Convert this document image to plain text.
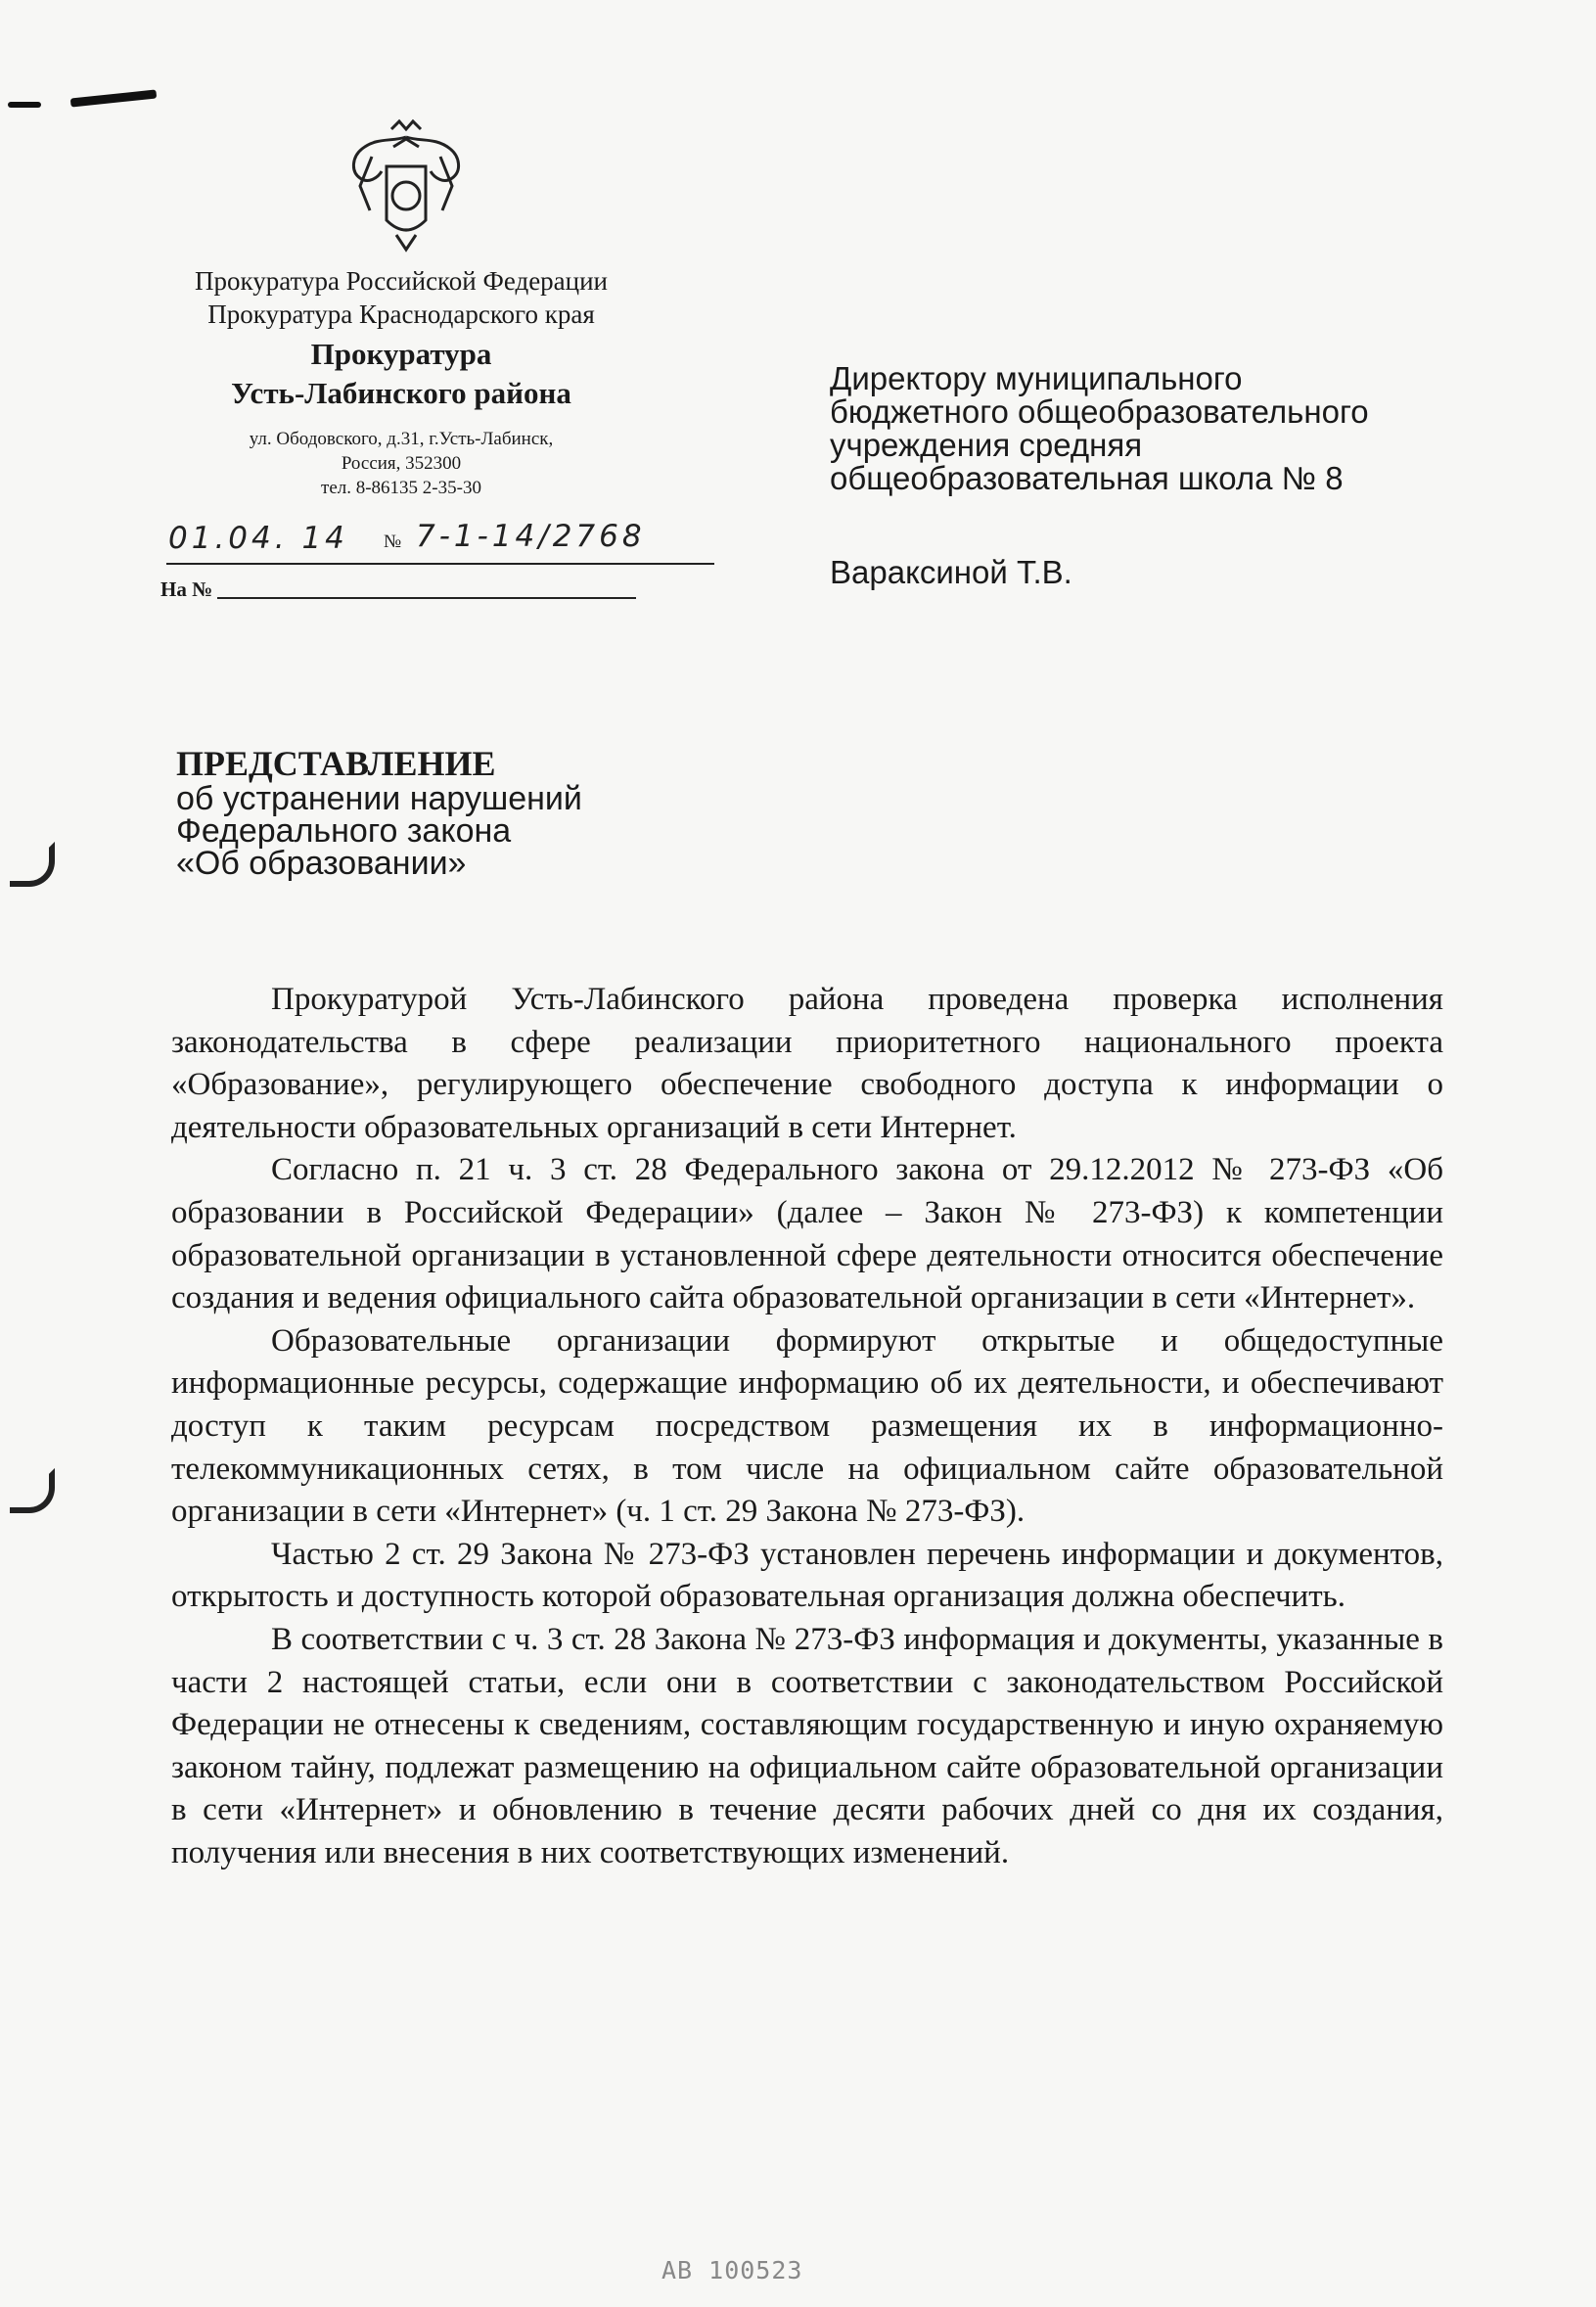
Прокуратура Российской Федерации
Прокуратура Краснодарского края
Прокуратура
Усть-Лабинского района
ул. Ободовского, д.31, г.Усть-Лабинск,
Россия, 352300
тел. 8-86135 2-35-30
01.04. 14 № 7-1-14/2768
На №
Директору муниципального
бюджетного общеобразовательного
учреждения средняя
общеобразовательная школа № 8
Вараксиной Т.В.
ПРЕДСТАВЛЕНИЕ
об устранении нарушений
Федерального закона
«Об образовании»

Прокуратурой Усть-Лабинского района проведена проверка исполнения законодательства в сфере реализации приоритетного национального проекта «Образование», регулирующего обеспечение свободного доступа к информации о деятельности образовательных организаций в сети Интернет.

Согласно п. 21 ч. 3 ст. 28 Федерального закона от 29.12.2012 № 273-ФЗ «Об образовании в Российской Федерации» (далее – Закон № 273-ФЗ) к компетенции образовательной организации в установленной сфере деятельности относится обеспечение создания и ведения официального сайта образовательной организации в сети «Интернет».

Образовательные организации формируют открытые и общедоступные информационные ресурсы, содержащие информацию об их деятельности, и обеспечивают доступ к таким ресурсам посредством размещения их в информационно-телекоммуникационных сетях, в том числе на официальном сайте образовательной организации в сети «Интернет» (ч. 1 ст. 29 Закона № 273-ФЗ).

Частью 2 ст. 29 Закона № 273-ФЗ установлен перечень информации и документов, открытость и доступность которой образовательная организация должна обеспечить.

В соответствии с ч. 3 ст. 28 Закона № 273-ФЗ информация и документы, указанные в части 2 настоящей статьи, если они в соответствии с законодательством Российской Федерации не отнесены к сведениям, составляющим государственную и иную охраняемую законом тайну, подлежат размещению на официальном сайте образовательной организации в сети «Интернет» и обновлению в течение десяти рабочих дней со дня их создания, получения или внесения в них соответствующих изменений.

АВ 100523
